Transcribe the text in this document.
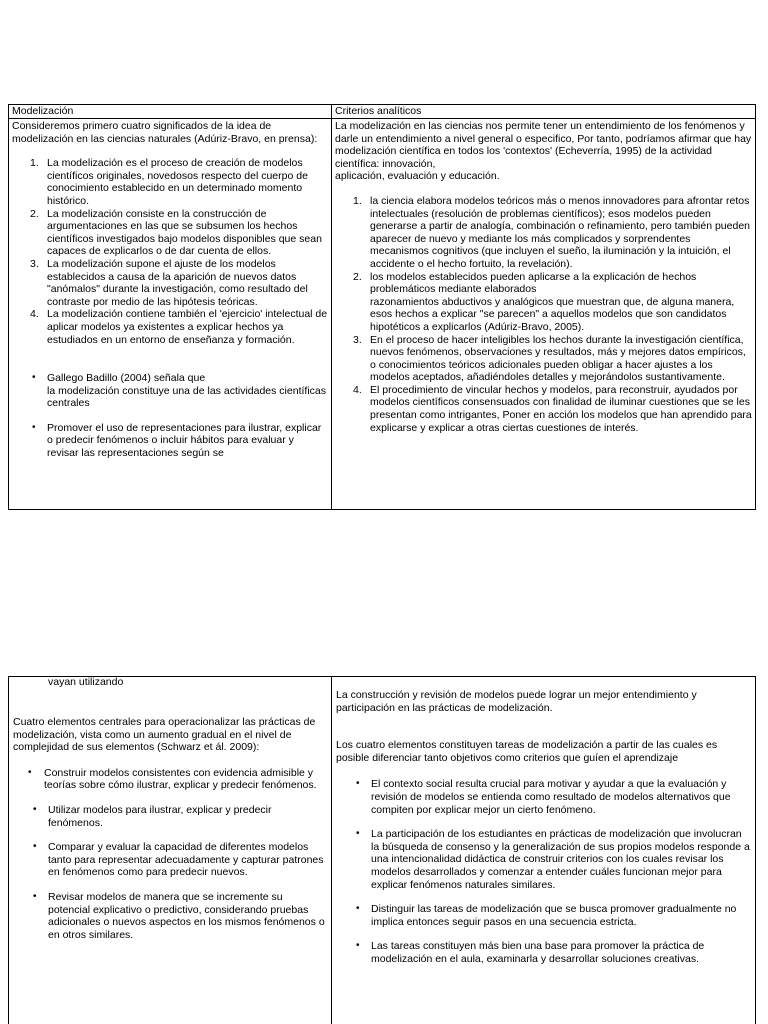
Modelización

Consideremos primero cuatro significados de la idea de modelización en las ciencias naturales (Adúriz-Bravo, en prensa):

1. La modelización es el proceso de creación de modelos científicos originales, novedosos respecto del cuerpo de conocimiento establecido en un determinado momento histórico.
2. La modelización consiste en la construcción de argumentaciones en las que se subsumen los hechos científicos investigados bajo modelos disponibles que sean capaces de explicarlos o de dar cuenta de ellos.
3. La modelización supone el ajuste de los modelos establecidos a causa de la aparición de nuevos datos "anómalos" durante la investigación, como resultado del contraste por medio de las hipótesis teóricas.
4. La modelización contiene también el 'ejercicio' intelectual de aplicar modelos ya existentes a explicar hechos ya estudiados en un entorno de enseñanza y formación.
• Gallego Badillo (2004) señala que
la modelización constituye una de las actividades científicas centrales
• Promover el uso de representaciones para ilustrar, explicar o predecir fenómenos o incluir hábitos para evaluar y revisar las representaciones según se
Criterios analíticos

La modelización en las ciencias nos permite tener un entendimiento de los fenómenos y darle un entendimiento a nivel general o especifico, Por tanto, podríamos afirmar que hay modelización científica en todos los 'contextos' (Echeverría, 1995) de la actividad científica: innovación,
aplicación, evaluación y educación.

1. la ciencia elabora modelos teóricos más o menos innovadores para afrontar retos intelectuales (resolución de problemas científicos); esos modelos pueden generarse a partir de analogía, combinación o refinamiento, pero también pueden aparecer de nuevo y mediante los más complicados y sorprendentes mecanismos cognitivos (que incluyen el sueño, la iluminación y la intuición, el accidente o el hecho fortuito, la revelación).
2. los modelos establecidos pueden aplicarse a la explicación de hechos problemáticos mediante elaborados
razonamientos abductivos y analógicos que muestran que, de alguna manera, esos hechos a explicar "se parecen" a aquellos modelos que son candidatos hipotéticos a explicarlos (Adúriz-Bravo, 2005).
3. En el proceso de hacer inteligibles los hechos durante la investigación científica, nuevos fenómenos, observaciones y resultados, más y mejores datos empíricos, o conocimientos teóricos adicionales pueden obligar a hacer ajustes a los modelos aceptados, añadiéndoles detalles y mejorándolos sustantivamente.
4. El procedimiento de vincular hechos y modelos, para reconstruir, ayudados por modelos científicos consensuados con finalidad de iluminar cuestiones que se les presentan como intrigantes, Poner en acción los modelos que han aprendido para explicarse y explicar a otras ciertas cuestiones de interés.

vayan utilizando

Cuatro elementos centrales para operacionalizar las prácticas de modelización, vista como un aumento gradual en el nivel de complejidad de sus elementos (Schwarz et ál. 2009):

• Construir modelos consistentes con evidencia admisible y teorías sobre cómo ilustrar, explicar y predecir fenómenos.
• Utilizar modelos para ilustrar, explicar y predecir fenómenos.
• Comparar y evaluar la capacidad de diferentes modelos tanto para representar adecuadamente y capturar patrones en fenómenos como para predecir nuevos.
• Revisar modelos de manera que se incremente su potencial explicativo o predictivo, considerando pruebas adicionales o nuevos aspectos en los mismos fenómenos o en otros similares.

La construcción y revisión de modelos puede lograr un mejor entendimiento y participación en las prácticas de modelización.

Los cuatro elementos constituyen tareas de modelización a partir de las cuales es posible diferenciar tanto objetivos como criterios que guíen el aprendizaje

• El contexto social resulta crucial para motivar y ayudar a que la evaluación y revisión de modelos se entienda como resultado de modelos alternativos que compiten por explicar mejor un cierto fenómeno.
• La participación de los estudiantes en prácticas de modelización que involucran la búsqueda de consenso y la generalización de sus propios modelos responde a una intencionalidad didáctica de construir criterios con los cuales revisar los modelos desarrollados y comenzar a entender cuáles funcionan mejor para explicar fenómenos naturales similares.
• Distinguir las tareas de modelización que se busca promover gradualmente no implica entonces seguir pasos en una secuencia estricta.
• Las tareas constituyen más bien una base para promover la práctica de modelización en el aula, examinarla y desarrollar soluciones creativas.
